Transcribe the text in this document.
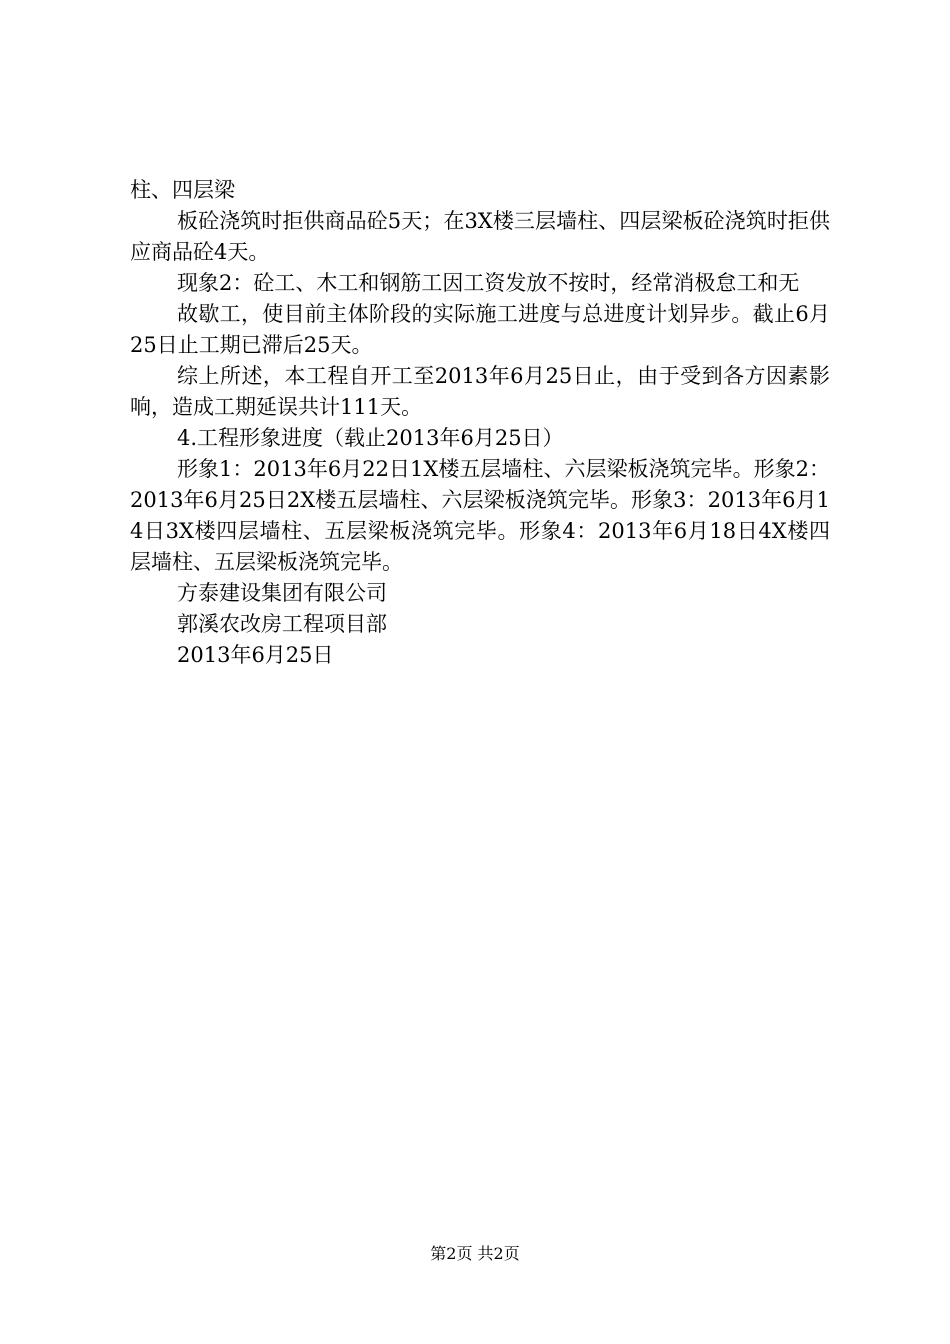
柱、四层梁

板砼浇筑时拒供商品砼5天；在3X楼三层墙柱、四层梁板砼浇筑时拒供应商品砼4天。

现象2：砼工、木工和钢筋工因工资发放不按时，经常消极怠工和无

故歇工，使目前主体阶段的实际施工进度与总进度计划异步。截止6月25日止工期已滞后25天。

综上所述，本工程自开工至2013年6月25日止，由于受到各方因素影响，造成工期延误共计111天。

4.工程形象进度（载止2013年6月25日）

形象1：2013年6月22日1X楼五层墙柱、六层梁板浇筑完毕。形象2：2013年6月25日2X楼五层墙柱、六层梁板浇筑完毕。形象3：2013年6月14日3X楼四层墙柱、五层梁板浇筑完毕。形象4：2013年6月18日4X楼四层墙柱、五层梁板浇筑完毕。

方泰建设集团有限公司

郭溪农改房工程项目部

2013年6月25日

第2页 共2页
